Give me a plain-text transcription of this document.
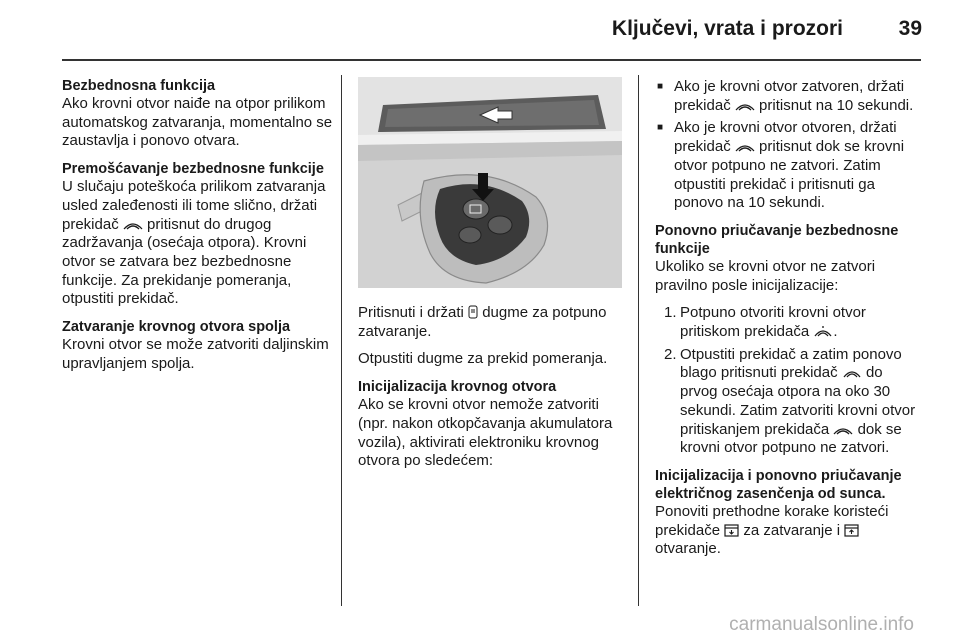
Ključevi, vrata i prozori	39
Bezbednosna funkcija

Ako krovni otvor naiđe na otpor prilikom automatskog zatvaranja, momentalno se zaustavlja i ponovo otvara.

Premošćavanje bezbednosne funkcije

U slučaju poteškoća prilikom zatvaranja usled zaleđenosti ili tome slično, držati prekidač pritisnut do drugog zadržavanja (osećaja otpora). Krovni otvor se zatvara bez bezbednosne funkcije. Za prekidanje pomeranja, otpustiti prekidač.

Zatvaranje krovnog otvora spolja

Krovni otvor se može zatvoriti daljinskim upravljanjem spolja.

Pritisnuti i držati dugme za potpuno zatvaranje.

Otpustiti dugme za prekid pomeranja.

Inicijalizacija krovnog otvora

Ako se krovni otvor nemože zatvoriti (npr. nakon otkopčavanja akumulatora vozila), aktivirati elektroniku krovnog otvora po sledećem:

■ Ako je krovni otvor zatvoren, držati prekidač pritisnut na 10 sekundi.
■ Ako je krovni otvor otvoren, držati prekidač pritisnut dok se krovni otvor potpuno ne zatvori. Zatim otpustiti prekidač i pritisnuti ga ponovo na 10 sekundi.
Ponovno priučavanje bezbednosne funkcije

Ukoliko se krovni otvor ne zatvori pravilno posle inicijalizacije:

1. Potpuno otvoriti krovni otvor pritiskom prekidača .
2. Otpustiti prekidač a zatim ponovo blago pritisnuti prekidač do prvog osećaja otpora na oko 30 sekundi. Zatim zatvoriti krovni otvor pritiskanjem prekidača dok se krovni otvor potpuno ne zatvori.
Inicijalizacija i ponovno priučavanje električnog zasenčenja od sunca.

Ponoviti prethodne korake koristeći prekidače za zatvaranje i  otvaranje.

carmanualsonline.info
